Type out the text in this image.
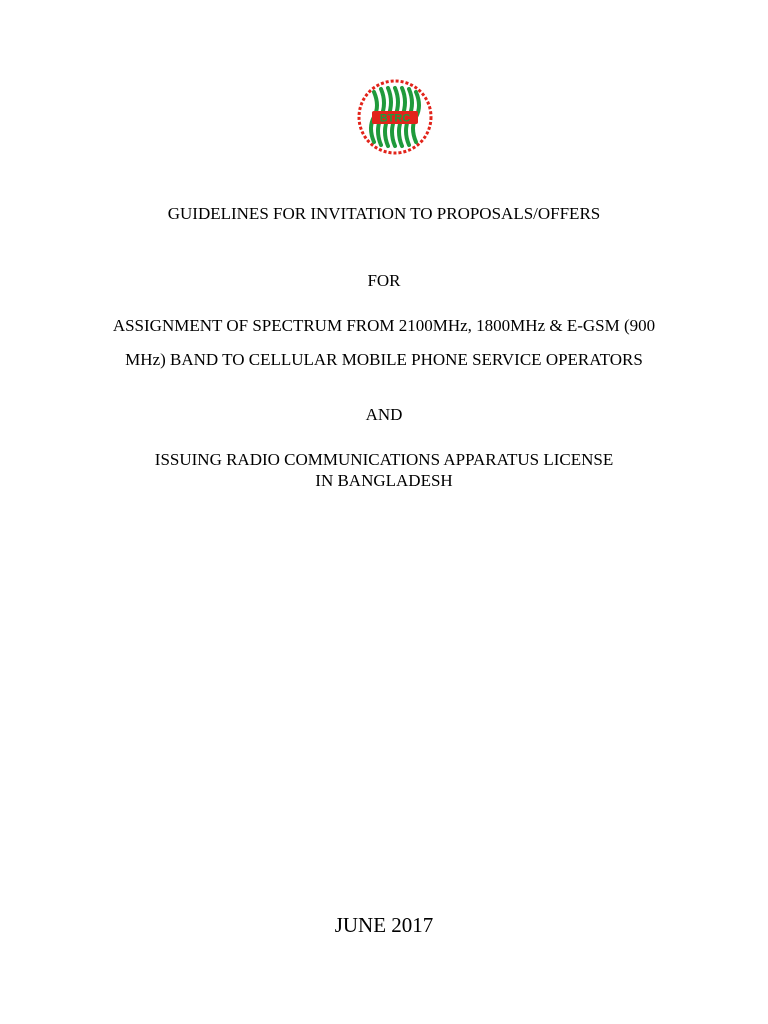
BTRC
GUIDELINES FOR INVITATION TO PROPOSALS/OFFERS
FOR
ASSIGNMENT OF SPECTRUM FROM 2100MHz, 1800MHz & E-GSM (900
MHz) BAND TO CELLULAR MOBILE PHONE SERVICE OPERATORS
AND
ISSUING RADIO COMMUNICATIONS APPARATUS LICENSE
IN BANGLADESH
JUNE 2017
